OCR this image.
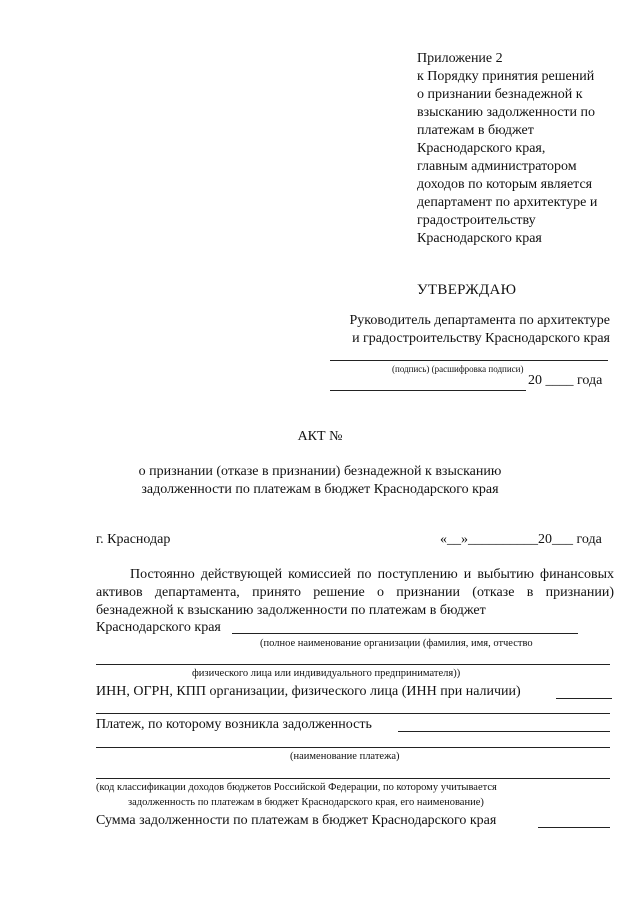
Приложение 2
к Порядку принятия решений
о признании безнадежной к
взысканию задолженности по
платежам в бюджет
Краснодарского края,
главным администратором
доходов по которым является
департамент по архитектуре и
градостроительству
Краснодарского края
УТВЕРЖДАЮ
Руководитель департамента по архитектуре
и градостроительству Краснодарского края
(подпись) (расшифровка подписи)
20 ____ года
АКТ №
о признании (отказе в признании) безнадежной к взысканию
задолженности по платежам в бюджет Краснодарского края
г. Краснодар	«__»__________20___ года
Постоянно действующей комиссией по поступлению и выбытию финансовых активов департамента, принято решение о признании (отказе в признании) безнадежной к взысканию задолженности по платежам в бюджет
Краснодарского края
(полное наименование организации (фамилия, имя, отчество
физического лица или индивидуального предпринимателя))
ИНН, ОГРН, КПП организации, физического лица (ИНН при наличии)
Платеж, по которому возникла задолженность
(наименование платежа)
(код классификации доходов бюджетов Российской Федерации, по которому учитывается
задолженность по платежам в бюджет Краснодарского края, его наименование)
Сумма задолженности по платежам в бюджет Краснодарского края
